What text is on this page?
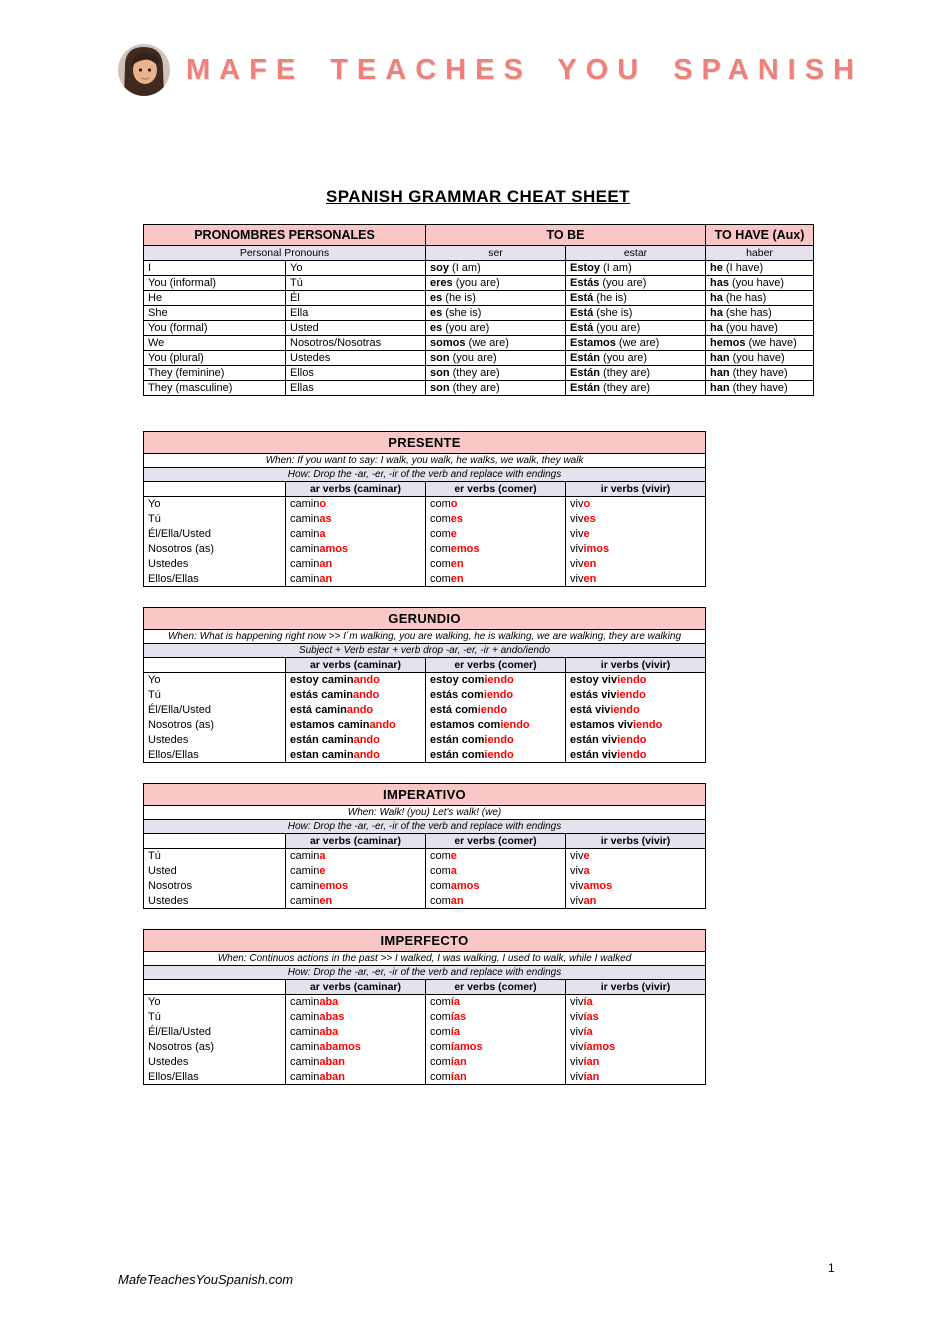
MAFE TEACHES YOU SPANISH
SPANISH GRAMMAR CHEAT SHEET
PRONOMBRES PERSONALES		TO BE		TO HAVE (Aux)
Personal Pronouns		ser	estar	haber
I	Yo	soy (I am)	Estoy (I am)	he (I have)
You (informal)	Tú	eres (you are)	Estás (you are)	has (you have)
He	Él	es (he is)	Está (he is)	ha (he has)
She	Ella	es (she is)	Está (she is)	ha (she has)
You (formal)	Usted	es (you are)	Está (you are)	ha (you have)
We	Nosotros/Nosotras	somos (we are)	Estamos (we are)	hemos (we have)
You (plural)	Ustedes	son (you are)	Están (you are)	han (you have)
They (feminine)	Ellos	son (they are)	Están (they are)	han (they have)
They (masculine)	Ellas	son (they are)	Están (they are)	han (they have)
PRESENTE			
When: If you want to say: I walk, you walk, he walks, we walk, they walk			
How: Drop the -ar, -er, -ir of the verb and replace with endings			
	ar verbs (caminar)	er verbs (comer)	ir verbs (vivir)
Yo	camino	como	vivo
Tú	caminas	comes	vives
Él/Ella/Usted	camina	come	vive
Nosotros (as)	caminamos	comemos	vivimos
Ustedes	caminan	comen	viven
Ellos/Ellas	caminan	comen	viven
GERUNDIO			
When: What is happening right now >> I´m walking, you are walking, he is walking, we are walking, they are walking			
Subject + Verb estar + verb drop -ar, -er, -ir + ando/iendo			
	ar verbs (caminar)	er verbs (comer)	ir verbs (vivir)
Yo	estoy caminando	estoy comiendo	estoy viviendo
Tú	estás caminando	estás comiendo	estás viviendo
Él/Ella/Usted	está caminando	está comiendo	está viviendo
Nosotros (as)	estamos caminando	estamos comiendo	estamos viviendo
Ustedes	están caminando	están comiendo	están viviendo
Ellos/Ellas	estan caminando	están comiendo	están viviendo
IMPERATIVO			
When: Walk! (you) Let's walk! (we)			
How: Drop the -ar, -er, -ir of the verb and replace with endings			
	ar verbs (caminar)	er verbs (comer)	ir verbs (vivir)
Tú	camina	come	vive
Usted	camine	coma	viva
Nosotros	caminemos	comamos	vivamos
Ustedes	caminen	coman	vivan
IMPERFECTO			
When: Continuos actions in the past >> I walked, I was walking, I used to walk, while I walked			
How: Drop the -ar, -er, -ir of the verb and replace with endings			
	ar verbs (caminar)	er verbs (comer)	ir verbs (vivir)
Yo	caminaba	comía	vivía
Tú	caminabas	comías	vivías
Él/Ella/Usted	caminaba	comía	vivía
Nosotros (as)	caminabamos	comíamos	vivíamos
Ustedes	caminaban	comían	vivían
Ellos/Ellas	caminaban	comían	vivían
MafeTeachesYouSpanish.com
1
